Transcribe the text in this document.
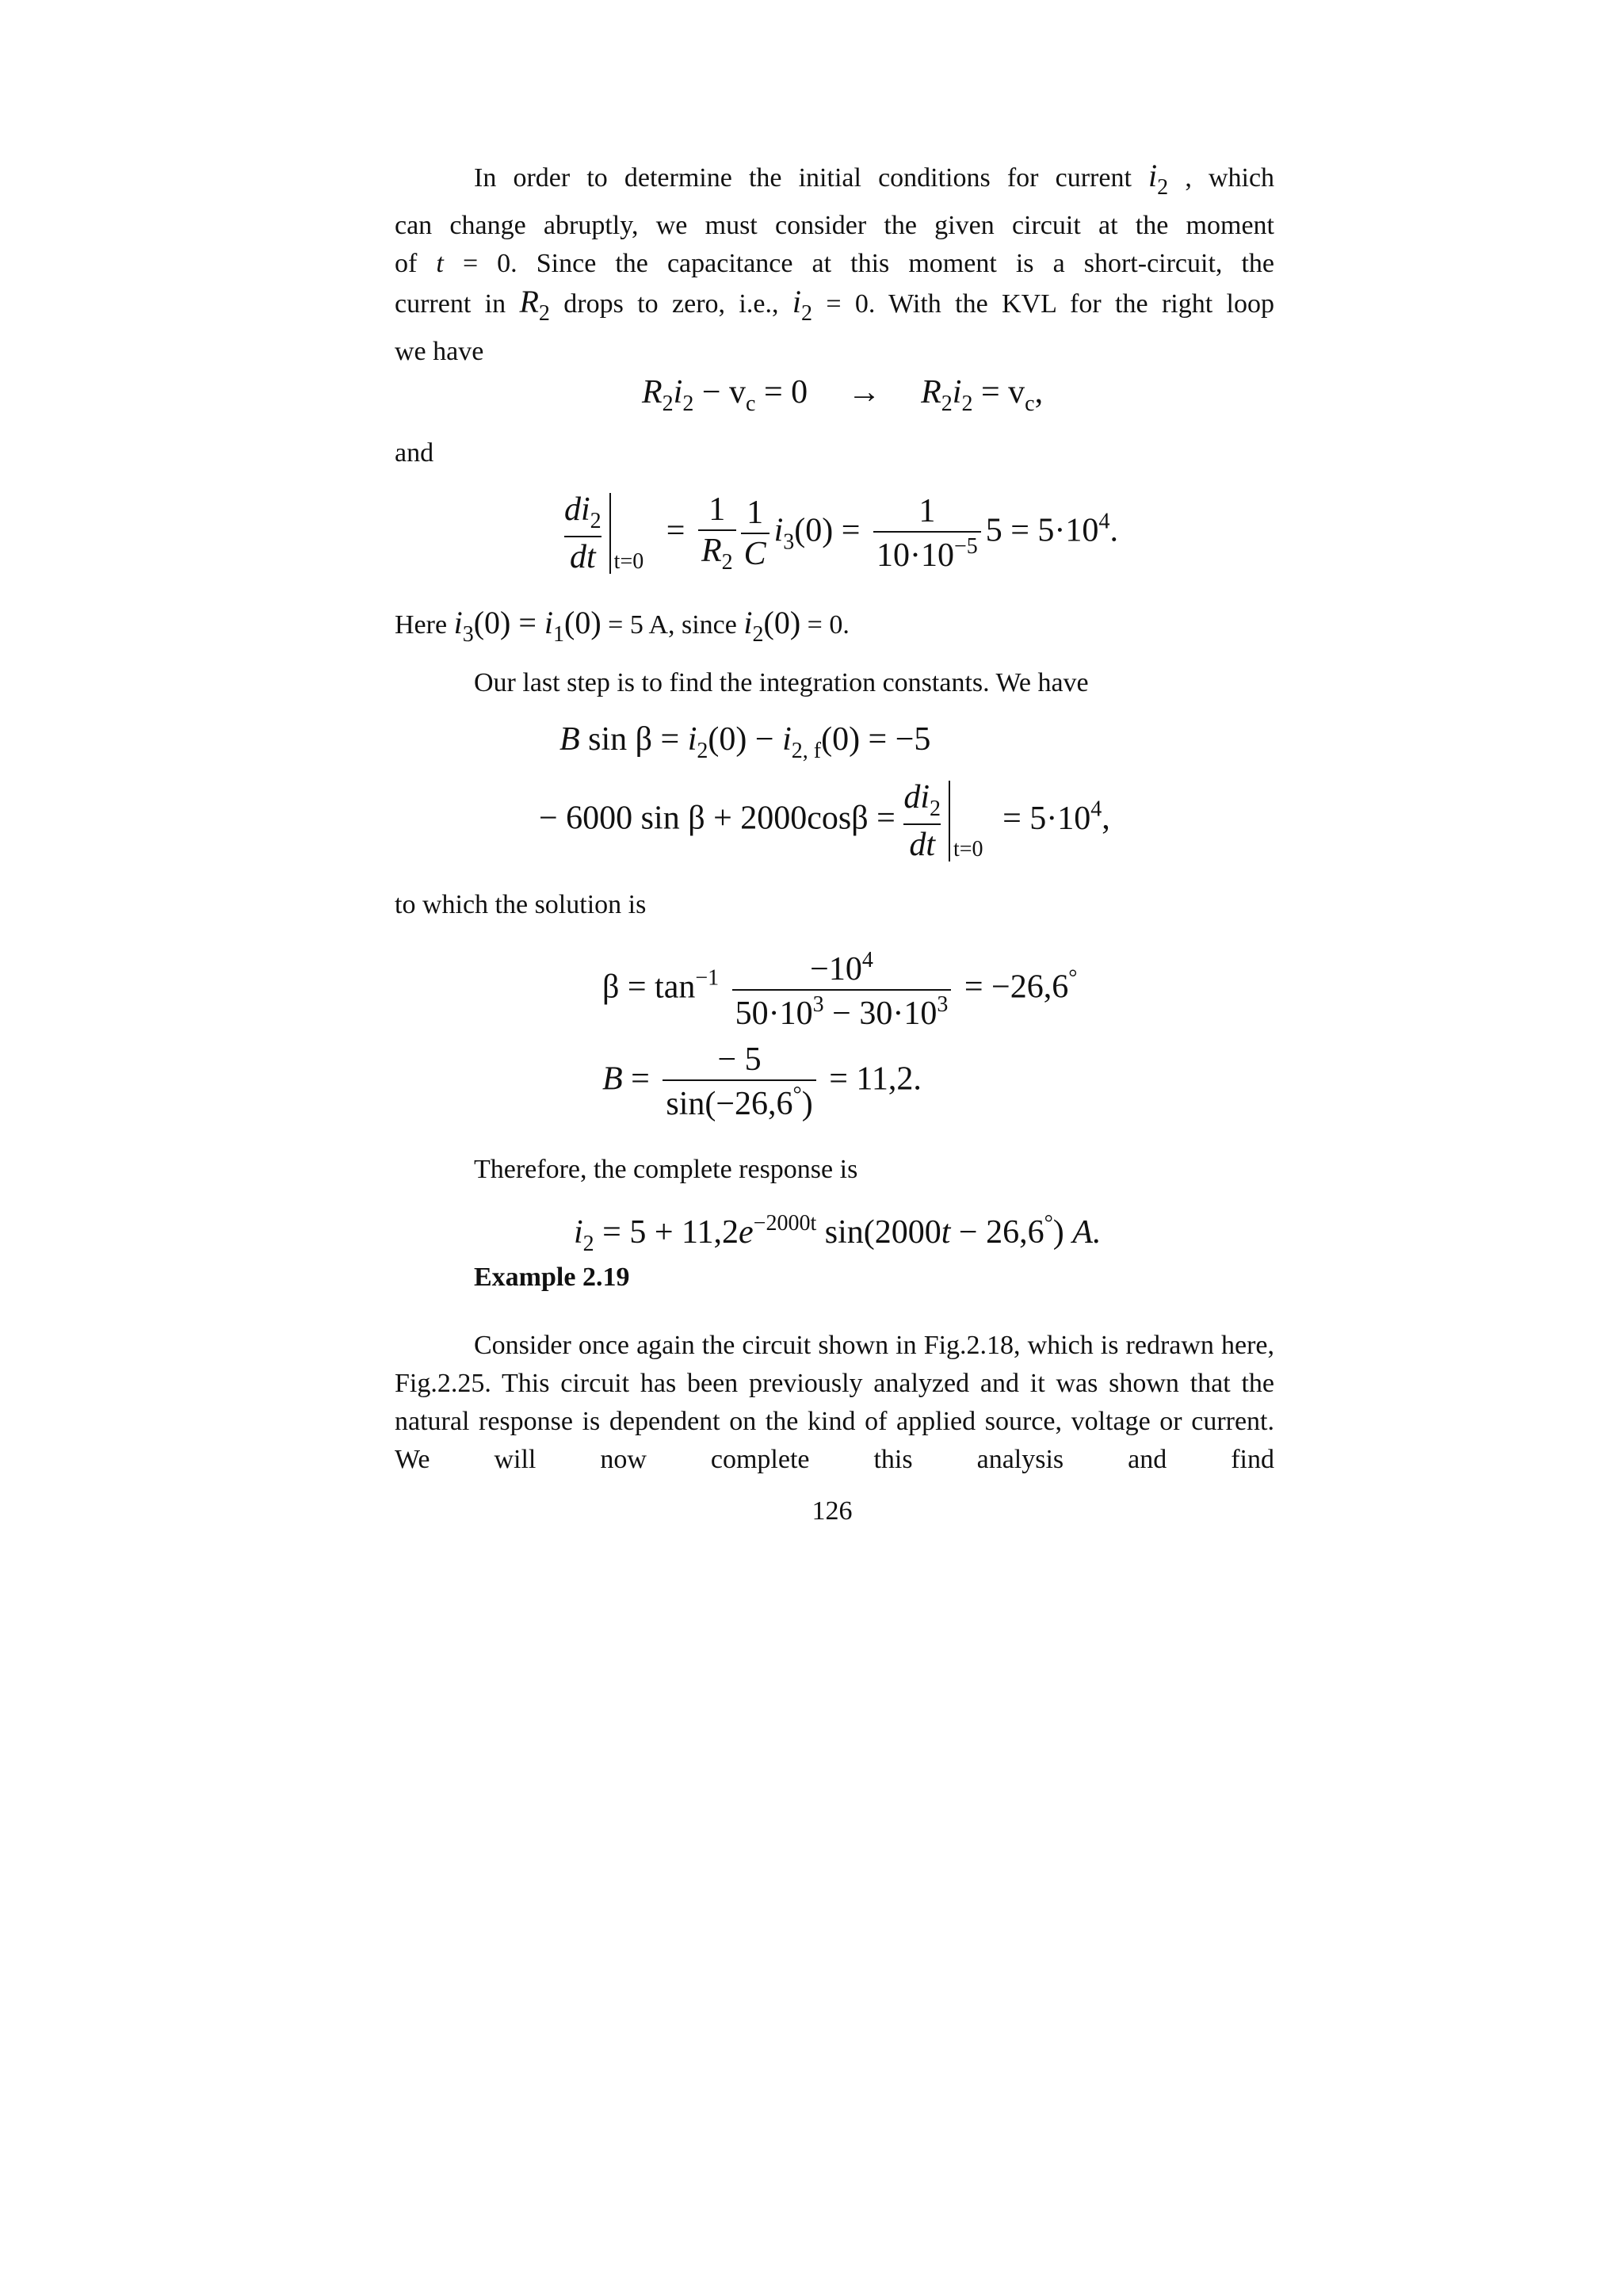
In order to determine the initial conditions for current $i_2$ , which
can change abruptly, we must consider the given circuit at the moment
of t = 0. Since the capacitance at this moment is a short-circuit, the
current in $R_2$ drops to zero, i.e., $i_2 = 0$. With the KVL for the right loop
we have
$R_2i_2 - v_c = 0 \to R_2i_2 = v_c$,
and
$\frac{di_2}{dt} _{t=0} = \frac{1}{R_2} \frac{1}{C} i_3(0) = \frac{1}{10\cdot 10^{-5}} 5 = 5\cdot 10^4$.
Here $i_3(0) = i_1(0) = 5$ A, since $i_2(0) = 0$.
Our last step is to find the integration constants. We have
B $\sin \beta = i_2(0) - i_{2, f}(0) = -5$
− 6000 $\sin \beta + 2000\cos\beta = \frac{di_2}{dt} _{t=0} = 5\cdot 10^4$,
to which the solution is
$\beta = \tan^{-1} \frac{-10^4}{50\cdot 10^3 - 30\cdot 10^3} = -26,6^\circ$
$B = \frac{- 5}{\sin(-26,6^\circ)} = 11,2$.
Therefore, the complete response is
$i_2 = 5 + 11,2e^{-2000t}$ sin(2000t − 26,6°) A.
Example 2.19
Consider once again the circuit shown in Fig.2.18, which is redrawn here, Fig.2.25. This circuit has been previously analyzed and it was shown that the natural response is dependent on the kind of applied source, voltage or current. We will now complete this analysis and find
126
